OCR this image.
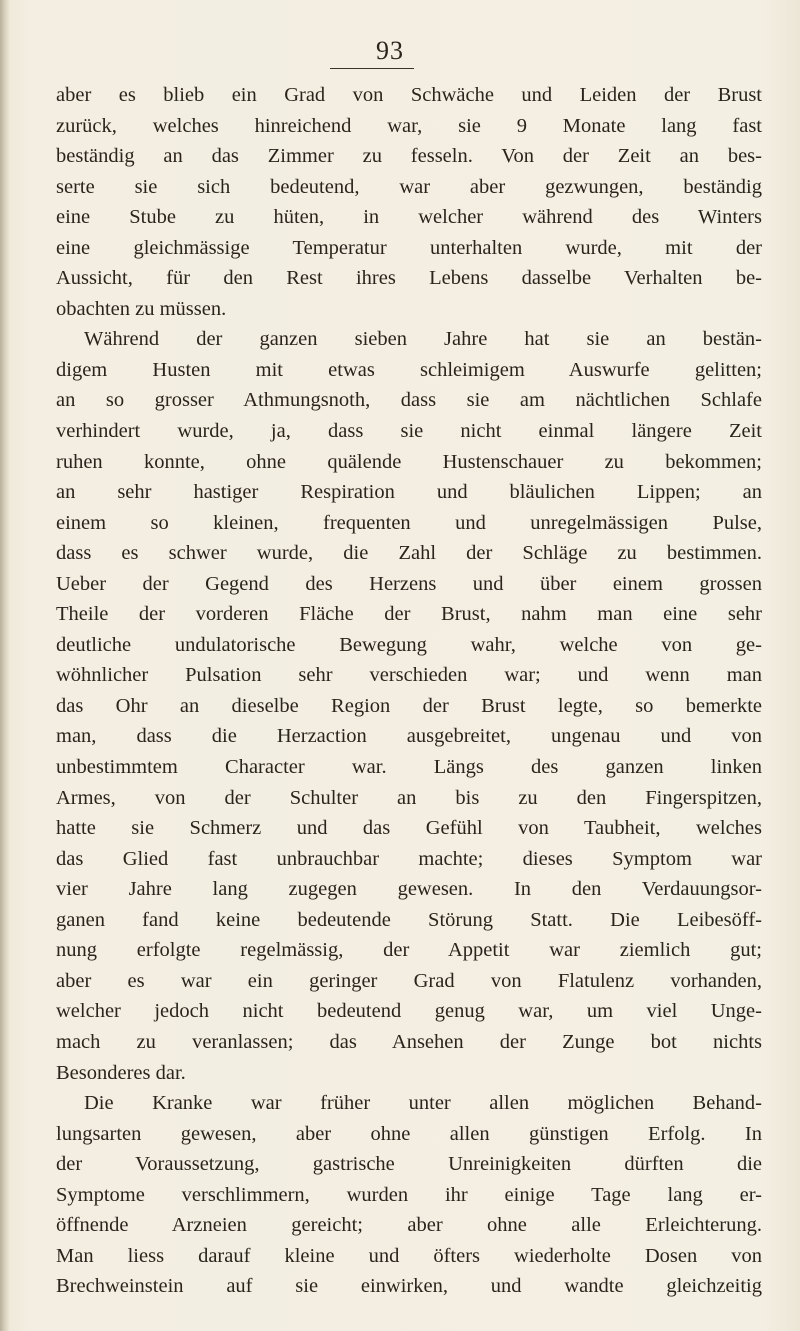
93
aber es blieb ein Grad von Schwäche und Leiden der Brust
zurück, welches hinreichend war, sie 9 Monate lang fast
beständig an das Zimmer zu fesseln. Von der Zeit an bes-
serte sie sich bedeutend, war aber gezwungen, beständig
eine Stube zu hüten, in welcher während des Winters
eine gleichmässige Temperatur unterhalten wurde, mit der
Aussicht, für den Rest ihres Lebens dasselbe Verhalten be-
obachten zu müssen.
Während der ganzen sieben Jahre hat sie an bestän-
digem Husten mit etwas schleimigem Auswurfe gelitten;
an so grosser Athmungsnoth, dass sie am nächtlichen Schlafe
verhindert wurde, ja, dass sie nicht einmal längere Zeit
ruhen konnte, ohne quälende Hustenschauer zu bekommen;
an sehr hastiger Respiration und bläulichen Lippen; an
einem so kleinen, frequenten und unregelmässigen Pulse,
dass es schwer wurde, die Zahl der Schläge zu bestimmen.
Ueber der Gegend des Herzens und über einem grossen
Theile der vorderen Fläche der Brust, nahm man eine sehr
deutliche undulatorische Bewegung wahr, welche von ge-
wöhnlicher Pulsation sehr verschieden war; und wenn man
das Ohr an dieselbe Region der Brust legte, so bemerkte
man, dass die Herzaction ausgebreitet, ungenau und von
unbestimmtem Character war. Längs des ganzen linken
Armes, von der Schulter an bis zu den Fingerspitzen,
hatte sie Schmerz und das Gefühl von Taubheit, welches
das Glied fast unbrauchbar machte; dieses Symptom war
vier Jahre lang zugegen gewesen. In den Verdauungsor-
ganen fand keine bedeutende Störung Statt. Die Leibesöff-
nung erfolgte regelmässig, der Appetit war ziemlich gut;
aber es war ein geringer Grad von Flatulenz vorhanden,
welcher jedoch nicht bedeutend genug war, um viel Unge-
mach zu veranlassen; das Ansehen der Zunge bot nichts
Besonderes dar.
Die Kranke war früher unter allen möglichen Behand-
lungsarten gewesen, aber ohne allen günstigen Erfolg. In
der Voraussetzung, gastrische Unreinigkeiten dürften die
Symptome verschlimmern, wurden ihr einige Tage lang er-
öffnende Arzneien gereicht; aber ohne alle Erleichterung.
Man liess darauf kleine und öfters wiederholte Dosen von
Brechweinstein auf sie einwirken, und wandte gleichzeitig
